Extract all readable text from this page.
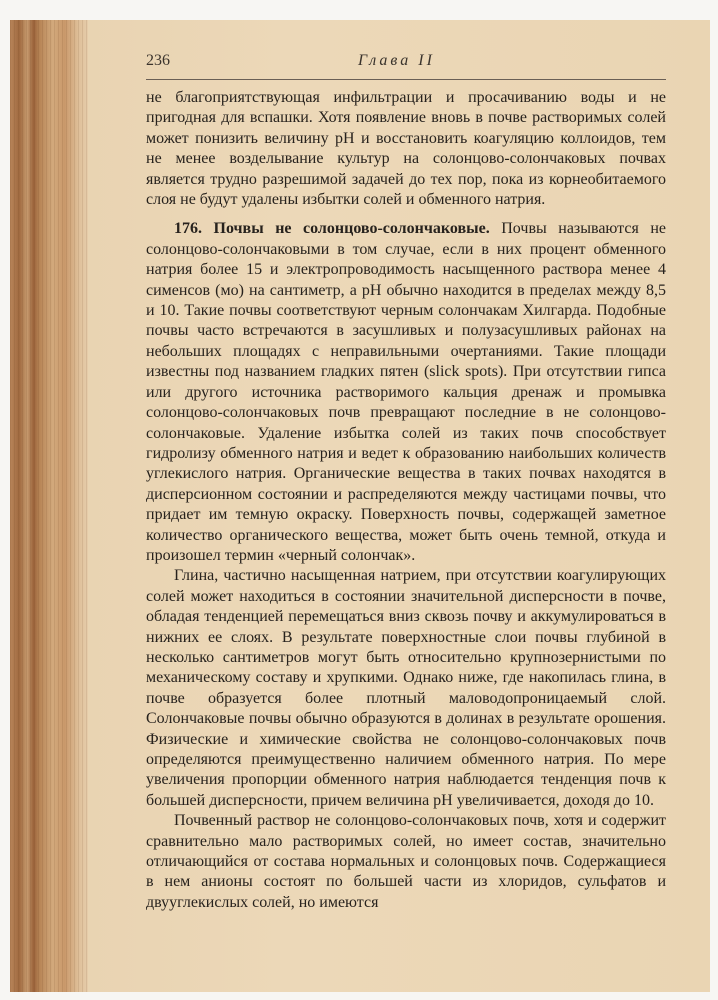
236	Глава II

не благоприятствующая инфильтрации и просачиванию воды и не пригодная для вспашки. Хотя появление вновь в почве растворимых солей может понизить величину pH и восстановить коагуляцию коллоидов, тем не менее возделывание культур на солонцово-солончаковых почвах является трудно разрешимой задачей до тех пор, пока из корнеобитаемого слоя не будут удалены избытки солей и обменного натрия.

176. Почвы не солонцово-солончаковые. Почвы называются не солонцово-солончаковыми в том случае, если в них процент обменного натрия более 15 и электропроводимость насыщенного раствора менее 4 сименсов (мо) на сантиметр, а pH обычно находится в пределах между 8,5 и 10. Такие почвы соответствуют черным солончакам Хилгарда. Подобные почвы часто встречаются в засушливых и полузасушливых районах на небольших площадях с неправильными очертаниями. Такие площади известны под названием гладких пятен (slick spots). При отсутствии гипса или другого источника растворимого кальция дренаж и промывка солонцово-солончаковых почв превращают последние в не солонцово-солончаковые. Удаление избытка солей из таких почв способствует гидролизу обменного натрия и ведет к образованию наибольших количеств углекислого натрия. Органические вещества в таких почвах находятся в дисперсионном состоянии и распределяются между частицами почвы, что придает им темную окраску. Поверхность почвы, содержащей заметное количество органического вещества, может быть очень темной, откуда и произошел термин «черный солончак».

Глина, частично насыщенная натрием, при отсутствии коагулирующих солей может находиться в состоянии значительной дисперсности в почве, обладая тенденцией перемещаться вниз сквозь почву и аккумулироваться в нижних ее слоях. В результате поверхностные слои почвы глубиной в несколько сантиметров могут быть относительно крупнозернистыми по механическому составу и хрупкими. Однако ниже, где накопилась глина, в почве образуется более плотный маловодопроницаемый слой. Солончаковые почвы обычно образуются в долинах в результате орошения. Физические и химические свойства не солонцово-солончаковых почв определяются преимущественно наличием обменного натрия. По мере увеличения пропорции обменного натрия наблюдается тенденция почв к большей дисперсности, причем величина pH увеличивается, доходя до 10.

Почвенный раствор не солонцово-солончаковых почв, хотя и содержит сравнительно мало растворимых солей, но имеет состав, значительно отличающийся от состава нормальных и солонцовых почв. Содержащиеся в нем анионы состоят по большей части из хлоридов, сульфатов и двууглекислых солей, но имеются
